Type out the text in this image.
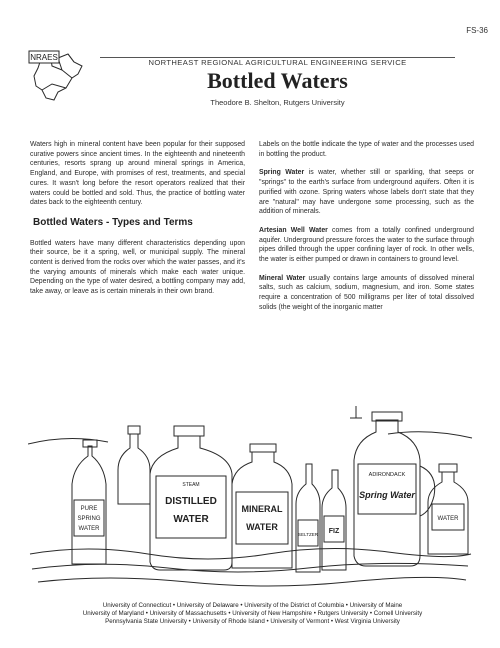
FS-36
NRAES
NORTHEAST REGIONAL AGRICULTURAL ENGINEERING SERVICE
Bottled Waters
Theodore B. Shelton, Rutgers University

Waters high in mineral content have been popular for their supposed curative powers since ancient times. In the eighteenth and nineteenth centuries, resorts sprang up around mineral springs in America, England, and Europe, with promises of rest, treatments, and special cures. It wasn't long before the resort operators realized that their waters could be bottled and sold. Thus, the practice of bottling water dates back to the eighteenth century.

Bottled Waters - Types and Terms

Bottled waters have many different characteristics depending upon their source, be it a spring, well, or municipal supply. The mineral content is derived from the rocks over which the water passes, and it's the varying amounts of minerals which make each water unique. Depending on the type of water desired, a bottling company may add, take away, or leave as is certain minerals in their own brand.

Labels on the bottle indicate the type of water and the processes used in bottling the product.

Spring Water is water, whether still or sparkling, that seeps or "springs" to the earth's surface from underground aquifers. Often it is purified with ozone. Spring waters whose labels don't state that they are "natural" may have undergone some processing, such as the addition of minerals.

Artesian Well Water comes from a totally confined underground aquifer. Underground pressure forces the water to the surface through pipes drilled through the upper confining layer of rock. In other wells, the water is either pumped or drawn in containers to ground level.

Mineral Water usually contains large amounts of dissolved mineral salts, such as calcium, sodium, magnesium, and iron. Some states require a concentration of 500 milligrams per liter of total dissolved solids (the weight of the inorganic matter

PURE
SPRING
WATER
STEAM
DISTILLED
WATER
MINERAL
WATER
SELTZER FIZ
ADIRONDACK
Spring Water
WATER
University of Connecticut • University of Delaware • University of the District of Columbia • University of Maine
University of Maryland • University of Massachusetts • University of New Hampshire • Rutgers University • Cornell University
Pennsylvania State University • University of Rhode Island • University of Vermont • West Virginia University
